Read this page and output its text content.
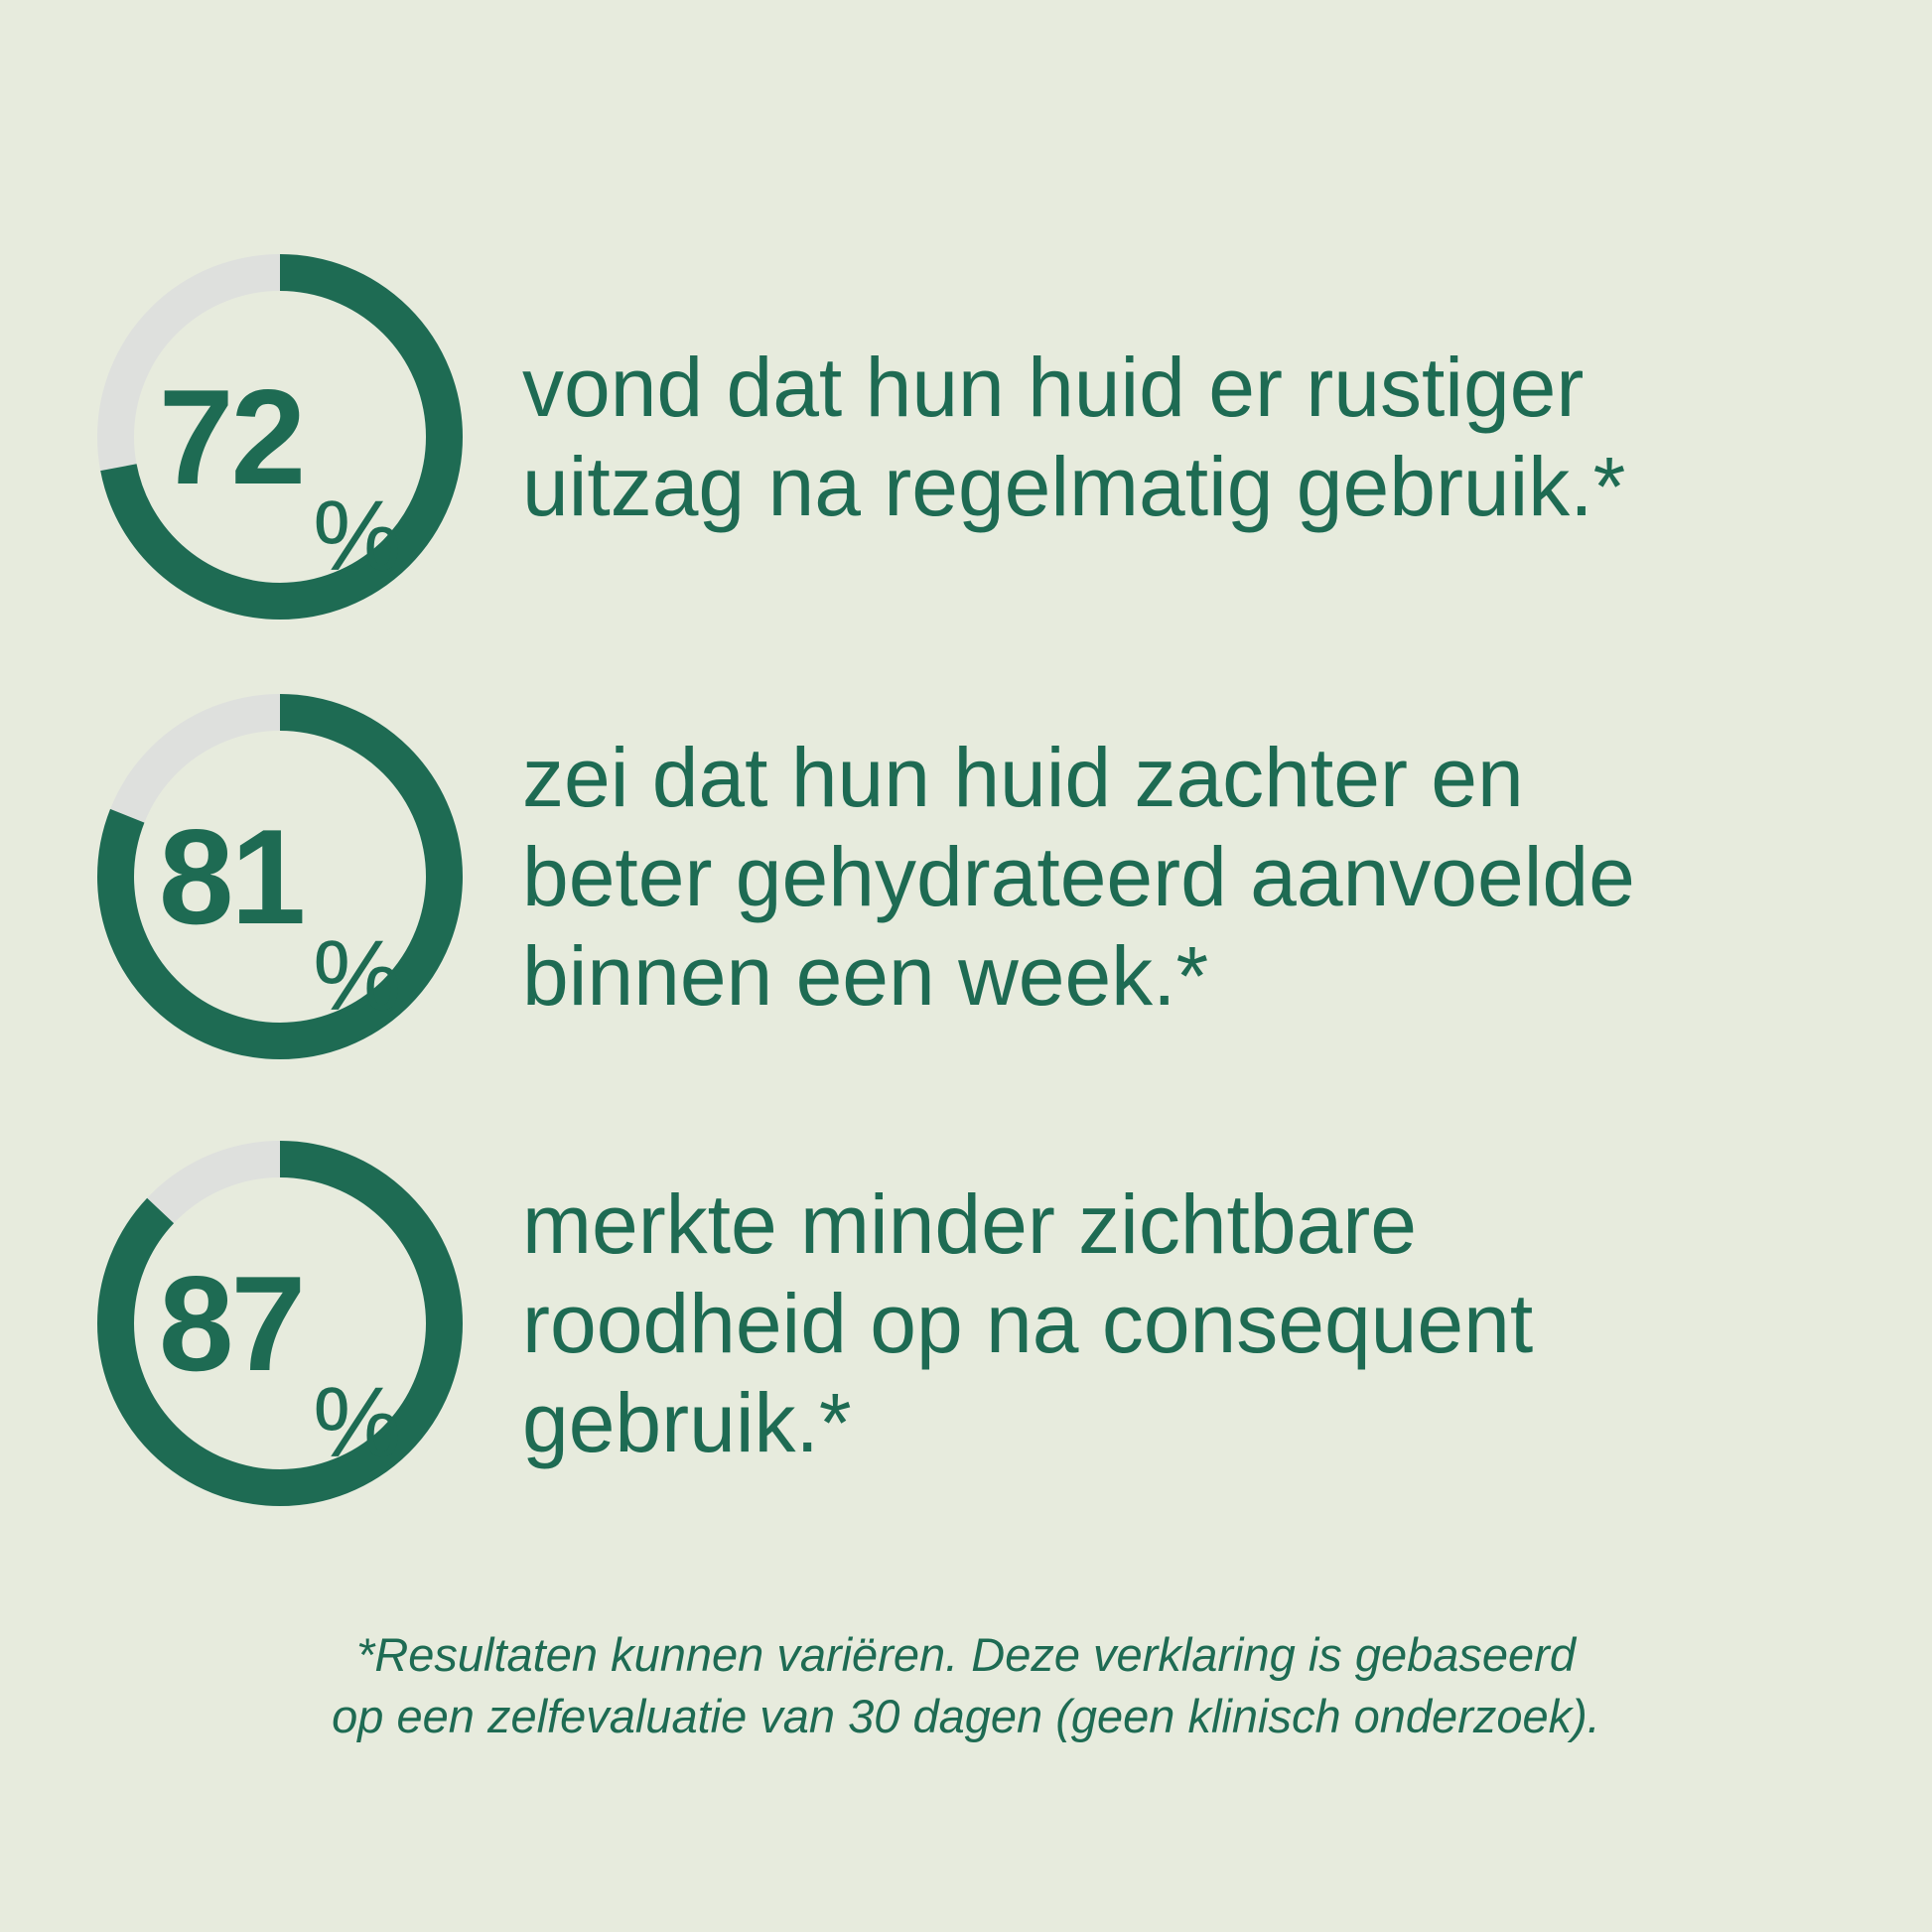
72
%
vond dat hun huid er rustiger
uitzag na regelmatig gebruik.*
81
%
zei dat hun huid zachter en
beter gehydrateerd aanvoelde
binnen een week.*
87
%
merkte minder zichtbare
roodheid op na consequent
gebruik.*
*Resultaten kunnen variëren. Deze verklaring is gebaseerd
op een zelfevaluatie van 30 dagen (geen klinisch onderzoek).
